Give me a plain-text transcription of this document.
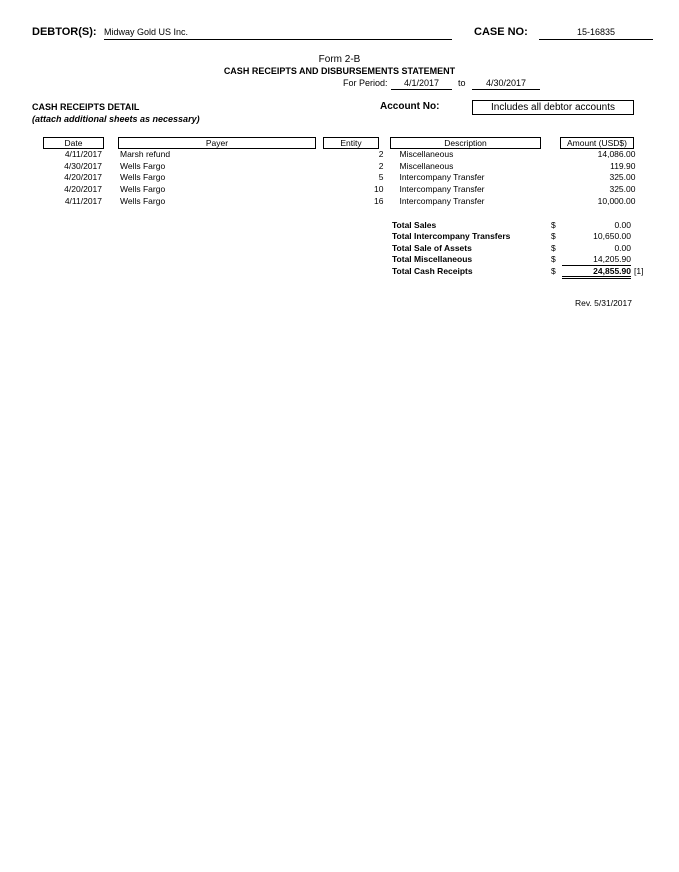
DEBTOR(S): Midway Gold US Inc.	CASE NO:	15-16835
Form 2-B
CASH RECEIPTS AND DISBURSEMENTS STATEMENT
For Period:	4/1/2017	to	4/30/2017
CASH RECEIPTS DETAIL
(attach additional sheets as necessary)
Account No:	Includes all debtor accounts
Date	Payer	Entity	Description	Amount (USD$)
4/11/2017		Marsh refund	2		Miscellaneous	14,086.00
4/30/2017		Wells Fargo	2		Miscellaneous	119.90
4/20/2017		Wells Fargo	5		Intercompany Transfer	325.00
4/20/2017		Wells Fargo	10		Intercompany Transfer	325.00
4/11/2017		Wells Fargo	16		Intercompany Transfer	10,000.00
Total Sales	$	0.00
Total Intercompany Transfers	$	10,650.00
Total Sale of Assets	$	0.00
Total Miscellaneous	$	14,205.90
Total Cash Receipts	$	24,855.90 [1]
Rev. 5/31/2017
